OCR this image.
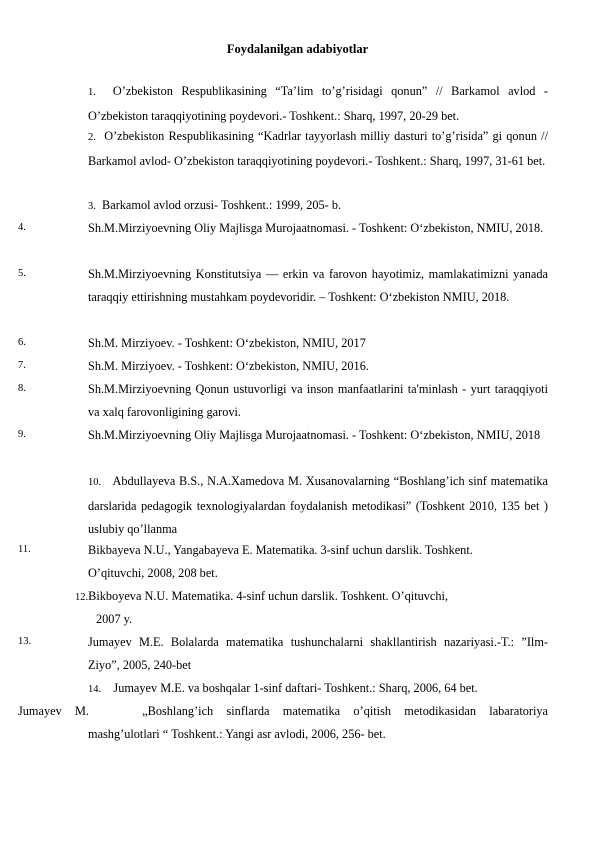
Foydalanilgan adabiyotlar
1. O’zbekiston Respublikasining “Ta’lim to’g’risidagi qonun” // Barkamol avlod - O’zbekiston taraqqiyotining poydevori.- Toshkent.: Sharq, 1997, 20-29 bet.
2. O’zbekiston Respublikasining “Kadrlar tayyorlash milliy dasturi to’g’risida” gi qonun // Barkamol avlod- O’zbekiston taraqqiyotining poydevori.- Toshkent.: Sharq, 1997, 31-61 bet.
3. Barkamol avlod orzusi- Toshkent.: 1999, 205- b.
4.	Sh.M.Mirziyoevning Oliy Majlisga Murojaatnomasi. - Toshkent: O‘zbekiston, NMIU, 2018.
5.	Sh.M.Mirziyoevning Konstitutsiya — erkin va farovon hayotimiz, mamlakatimizni yanada taraqqiy ettirishning mustahkam poydevoridir. – Toshkent: O‘zbekiston NMIU, 2018.
6.	Sh.M. Mirziyoev. - Toshkent: O‘zbekiston, NMIU, 2017
7.	Sh.M. Mirziyoev. - Toshkent: O‘zbekiston, NMIU, 2016.
8.	Sh.M.Mirziyoevning Qonun ustuvorligi va inson manfaatlarini ta'minlash - yurt taraqqiyoti va xalq farovonligining garovi.
9.	Sh.M.Mirziyoevning Oliy Majlisga Murojaatnomasi. - Toshkent: O‘zbekiston, NMIU, 2018
10. Abdullayeva B.S., N.A.Xamedova M. Xusanovalarning “Boshlang’ich sinf matematika darslarida pedagogik texnologiyalardan foydalanish metodikasi” (Toshkent 2010, 135 bet ) uslubiy qo’llanma
11.	Bikbayeva N.U., Yangabayeva E. Matematika. 3-sinf uchun darslik. Toshkent.
O’qituvchi, 2008, 208 bet.
12.Bikboyeva N.U. Matematika. 4-sinf uchun darslik. Toshkent. O’qituvchi,
2007 y.
13.	Jumayev M.E. Bolalarda matematika tushunchalarni shakllantirish nazariyasi.-T.: ”Ilm-Ziyo”, 2005, 240-bet
14. Jumayev M.E. va boshqalar 1-sinf daftari- Toshkent.: Sharq, 2006, 64 bet.
Jumayev M.	„Boshlang’ich sinflarda matematika o’qitish metodikasidan labaratoriya
mashg’ulotlari “ Toshkent.: Yangi asr avlodi, 2006, 256- bet.
